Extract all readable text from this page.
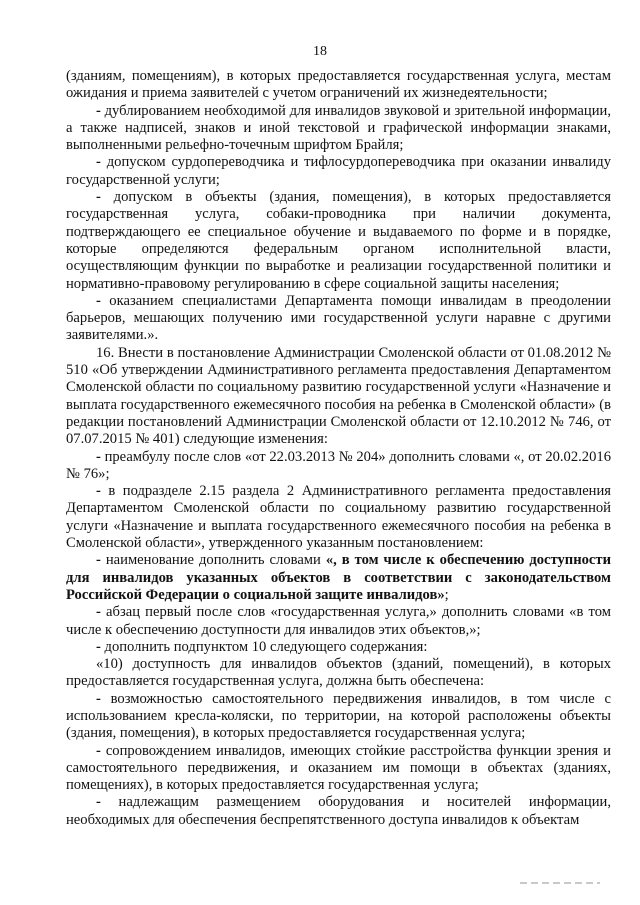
18

(зданиям, помещениям), в которых предоставляется государственная услуга, местам ожидания и приема заявителей с учетом ограничений их жизнедеятельности;

- дублированием необходимой для инвалидов звуковой и зрительной информации, а также надписей, знаков и иной текстовой и графической информации знаками, выполненными рельефно-точечным шрифтом Брайля;

- допуском сурдопереводчика и тифлосурдопереводчика при оказании инвалиду государственной услуги;

- допуском в объекты (здания, помещения), в которых предоставляется государственная услуга, собаки-проводника при наличии документа, подтверждающего ее специальное обучение и выдаваемого по форме и в порядке, которые определяются федеральным органом исполнительной власти, осуществляющим функции по выработке и реализации государственной политики и нормативно-правовому регулированию в сфере социальной защиты населения;

- оказанием специалистами Департамента помощи инвалидам в преодолении барьеров, мешающих получению ими государственной услуги наравне с другими заявителями.».

16. Внести в постановление Администрации Смоленской области от 01.08.2012 № 510 «Об утверждении Административного регламента предоставления Департаментом Смоленской области по социальному развитию государственной услуги «Назначение и выплата государственного ежемесячного пособия на ребенка в Смоленской области» (в редакции постановлений Администрации Смоленской области от 12.10.2012 № 746, от 07.07.2015 № 401) следующие изменения:

- преамбулу после слов «от 22.03.2013 № 204» дополнить словами «, от 20.02.2016 № 76»;

- в подразделе 2.15 раздела 2 Административного регламента предоставления Департаментом Смоленской области по социальному развитию государственной услуги «Назначение и выплата государственного ежемесячного пособия на ребенка в Смоленской области», утвержденного указанным постановлением:

- наименование дополнить словами «, в том числе к обеспечению доступности для инвалидов указанных объектов в соответствии с законодательством Российской Федерации о социальной защите инвалидов»;

- абзац первый после слов «государственная услуга,» дополнить словами «в том числе к обеспечению доступности для инвалидов этих объектов,»;

- дополнить подпунктом 10 следующего содержания:

«10) доступность для инвалидов объектов (зданий, помещений), в которых предоставляется государственная услуга, должна быть обеспечена:

- возможностью самостоятельного передвижения инвалидов, в том числе с использованием кресла-коляски, по территории, на которой расположены объекты (здания, помещения), в которых предоставляется государственная услуга;

- сопровождением инвалидов, имеющих стойкие расстройства функции зрения и самостоятельного передвижения, и оказанием им помощи в объектах (зданиях, помещениях), в которых предоставляется государственная услуга;

- надлежащим размещением оборудования и носителей информации, необходимых для обеспечения беспрепятственного доступа инвалидов к объектам
